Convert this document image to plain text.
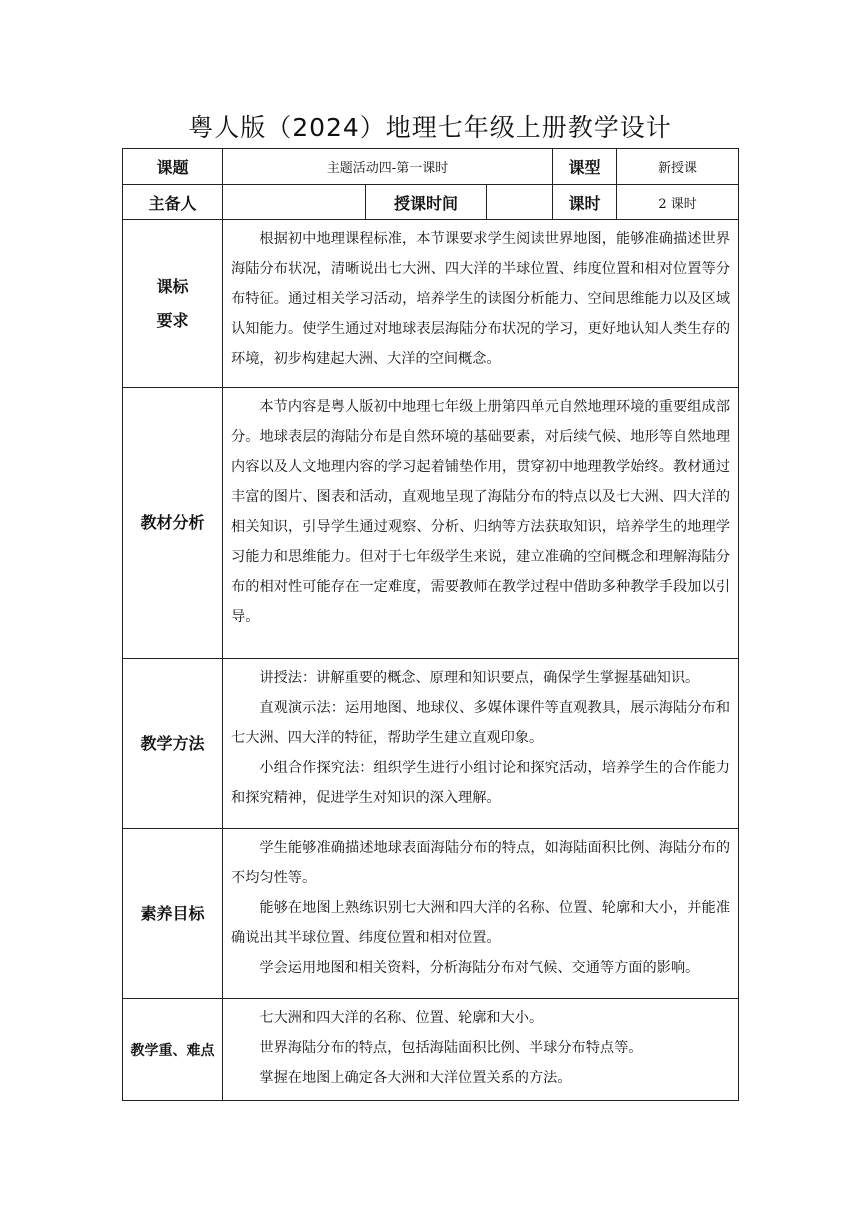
粤人版（2024）地理七年级上册教学设计
课题	主题活动四-第一课时			课型	新授课
主备人		授课时间		课时	2 课时

课标
要求	根据初中地理课程标准，本节课要求学生阅读世界地图，能够准确描述世界海陆分布状况，清晰说出七大洲、四大洋的半球位置、纬度位置和相对位置等分布特征。通过相关学习活动，培养学生的读图分析能力、空间思维能力以及区域认知能力。使学生通过对地球表层海陆分布状况的学习，更好地认知人类生存的环境，初步构建起大洲、大洋的空间概念。				

教材分析	本节内容是粤人版初中地理七年级上册第四单元自然地理环境的重要组成部分。地球表层的海陆分布是自然环境的基础要素，对后续气候、地形等自然地理内容以及人文地理内容的学习起着铺垫作用，贯穿初中地理教学始终。教材通过丰富的图片、图表和活动，直观地呈现了海陆分布的特点以及七大洲、四大洋的相关知识，引导学生通过观察、分析、归纳等方法获取知识，培养学生的地理学习能力和思维能力。但对于七年级学生来说，建立准确的空间概念和理解海陆分布的相对性可能存在一定难度，需要教师在教学过程中借助多种教学手段加以引导。				

教学方法	讲授法：讲解重要的概念、原理和知识要点，确保学生掌握基础知识。

直观演示法：运用地图、地球仪、多媒体课件等直观教具，展示海陆分布和七大洲、四大洋的特征，帮助学生建立直观印象。

小组合作探究法：组织学生进行小组讨论和探究活动，培养学生的合作能力和探究精神，促进学生对知识的深入理解。				

素养目标	学生能够准确描述地球表面海陆分布的特点，如海陆面积比例、海陆分布的不均匀性等。

能够在地图上熟练识别七大洲和四大洋的名称、位置、轮廓和大小，并能准确说出其半球位置、纬度位置和相对位置。

学会运用地图和相关资料，分析海陆分布对气候、交通等方面的影响。				

教学重、难点	七大洲和四大洋的名称、位置、轮廓和大小。

世界海陆分布的特点，包括海陆面积比例、半球分布特点等。

掌握在地图上确定各大洲和大洋位置关系的方法。				
